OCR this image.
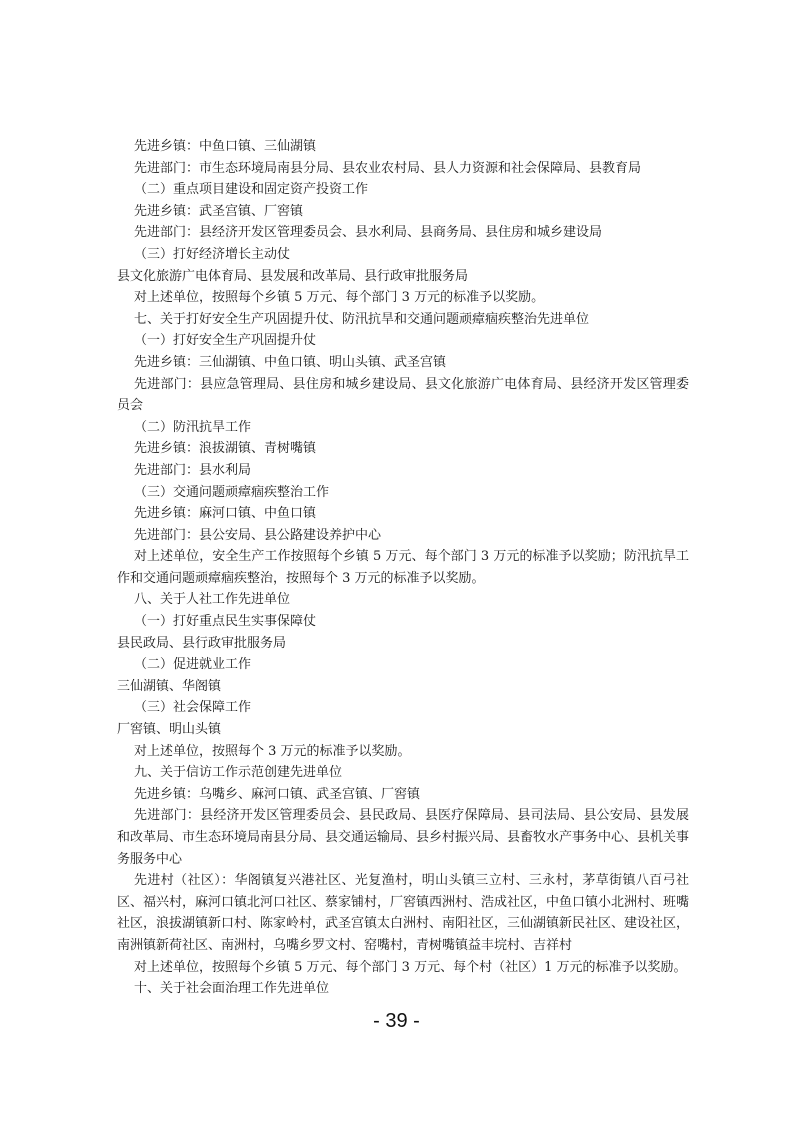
先进乡镇：中鱼口镇、三仙湖镇
先进部门：市生态环境局南县分局、县农业农村局、县人力资源和社会保障局、县教育局
（二）重点项目建设和固定资产投资工作
先进乡镇：武圣宫镇、厂窖镇
先进部门：县经济开发区管理委员会、县水利局、县商务局、县住房和城乡建设局
（三）打好经济增长主动仗
县文化旅游广电体育局、县发展和改革局、县行政审批服务局
对上述单位，按照每个乡镇 5 万元、每个部门 3 万元的标准予以奖励。
七、关于打好安全生产巩固提升仗、防汛抗旱和交通问题顽瘴痼疾整治先进单位
（一）打好安全生产巩固提升仗
先进乡镇：三仙湖镇、中鱼口镇、明山头镇、武圣宫镇
先进部门：县应急管理局、县住房和城乡建设局、县文化旅游广电体育局、县经济开发区管理委员会
（二）防汛抗旱工作
先进乡镇：浪拔湖镇、青树嘴镇
先进部门：县水利局
（三）交通问题顽瘴痼疾整治工作
先进乡镇：麻河口镇、中鱼口镇
先进部门：县公安局、县公路建设养护中心
对上述单位，安全生产工作按照每个乡镇 5 万元、每个部门 3 万元的标准予以奖励；防汛抗旱工作和交通问题顽瘴痼疾整治，按照每个 3 万元的标准予以奖励。
八、关于人社工作先进单位
（一）打好重点民生实事保障仗
县民政局、县行政审批服务局
（二）促进就业工作
三仙湖镇、华阁镇
（三）社会保障工作
厂窖镇、明山头镇
对上述单位，按照每个 3 万元的标准予以奖励。
九、关于信访工作示范创建先进单位
先进乡镇：乌嘴乡、麻河口镇、武圣宫镇、厂窖镇
先进部门：县经济开发区管理委员会、县民政局、县医疗保障局、县司法局、县公安局、县发展和改革局、市生态环境局南县分局、县交通运输局、县乡村振兴局、县畜牧水产事务中心、县机关事务服务中心
先进村（社区）：华阁镇复兴港社区、光复渔村，明山头镇三立村、三永村，茅草街镇八百弓社区、福兴村，麻河口镇北河口社区、蔡家铺村，厂窖镇西洲村、浩成社区，中鱼口镇小北洲村、班嘴社区，浪拔湖镇新口村、陈家岭村，武圣宫镇太白洲村、南阳社区，三仙湖镇新民社区、建设社区，南洲镇新荷社区、南洲村，乌嘴乡罗文村、窑嘴村，青树嘴镇益丰垸村、吉祥村
对上述单位，按照每个乡镇 5 万元、每个部门 3 万元、每个村（社区）1 万元的标准予以奖励。
十、关于社会面治理工作先进单位
- 39 -
